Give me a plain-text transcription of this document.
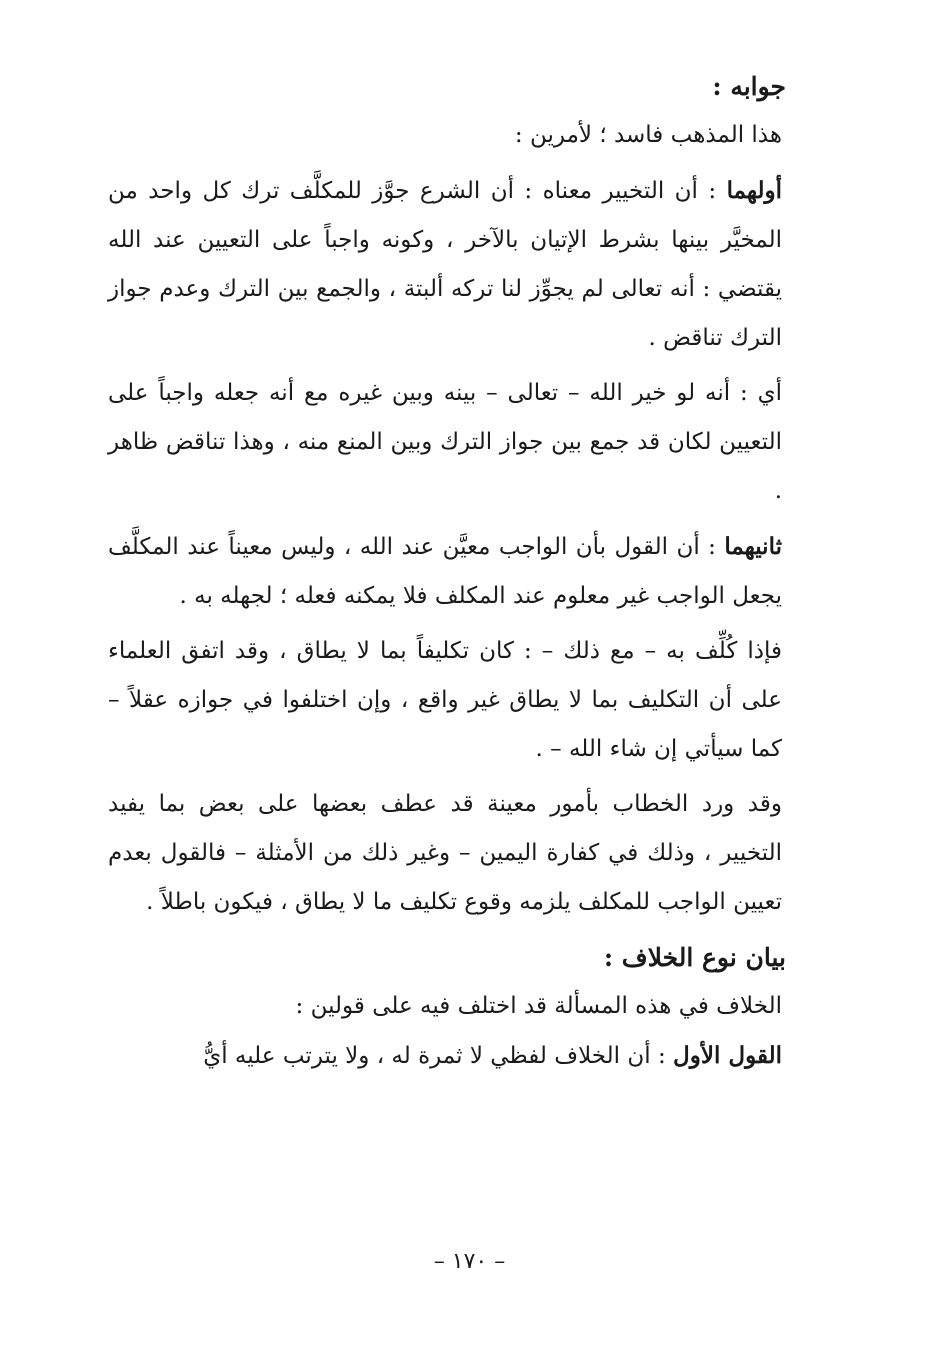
جوابه :

هذا المذهب فاسد ؛ لأمرين :

أولهما : أن التخيير معناه : أن الشرع جوَّز للمكلَّف ترك كل واحد من المخيَّر بينها بشرط الإتيان بالآخر ، وكونه واجباً على التعيين عند الله يقتضي : أنه تعالى لم يجوِّز لنا تركه ألبتة ، والجمع بين الترك وعدم جواز الترك تناقض .

أي : أنه لو خير الله – تعالى – بينه وبين غيره مع أنه جعله واجباً على التعيين لكان قد جمع بين جواز الترك وبين المنع منه ، وهذا تناقض ظاهر .

ثانيهما : أن القول بأن الواجب معيَّن عند الله ، وليس معيناً عند المكلَّف يجعل الواجب غير معلوم عند المكلف فلا يمكنه فعله ؛ لجهله به .

فإذا كُلِّف به – مع ذلك – : كان تكليفاً بما لا يطاق ، وقد اتفق العلماء على أن التكليف بما لا يطاق غير واقع ، وإن اختلفوا في جوازه عقلاً – كما سيأتي إن شاء الله – .

وقد ورد الخطاب بأمور معينة قد عطف بعضها على بعض بما يفيد التخيير ، وذلك في كفارة اليمين – وغير ذلك من الأمثلة – فالقول بعدم تعيين الواجب للمكلف يلزمه وقوع تكليف ما لا يطاق ، فيكون باطلاً .

بيان نوع الخلاف :

الخلاف في هذه المسألة قد اختلف فيه على قولين :

القول الأول : أن الخلاف لفظي لا ثمرة له ، ولا يترتب عليه أيُّ

– ١٧٠ –
